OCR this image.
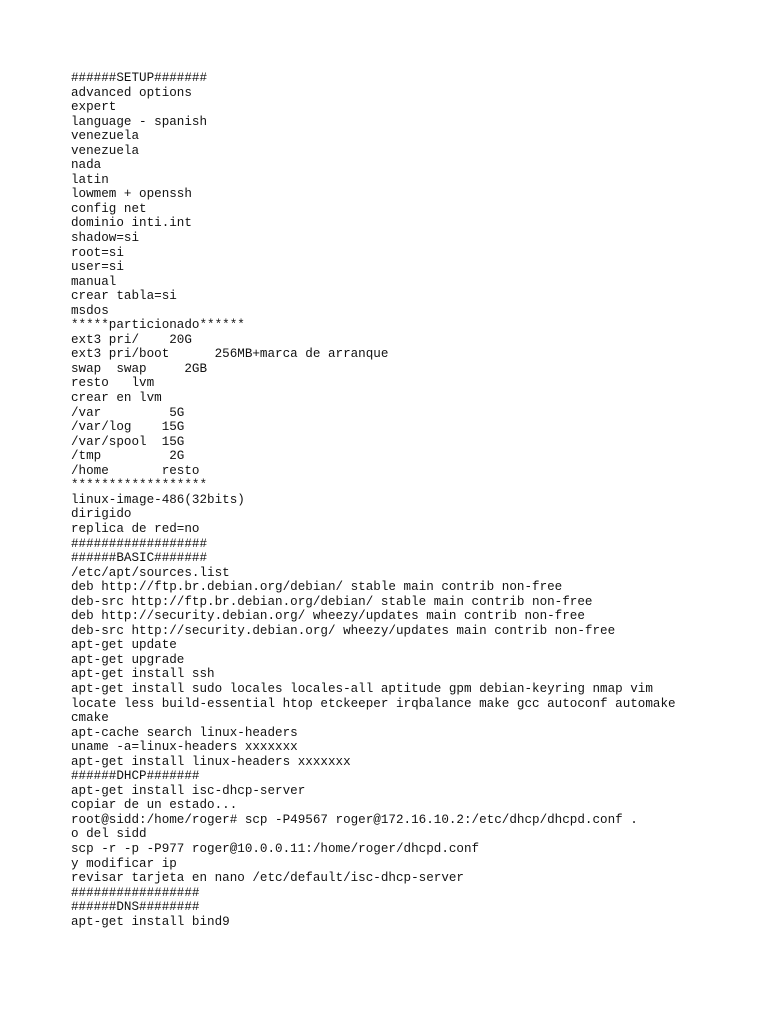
######SETUP#######
advanced options
expert
language - spanish
venezuela
venezuela
nada
latin
lowmem + openssh
config net
dominio inti.int
shadow=si
root=si
user=si
manual
crear tabla=si
msdos
*****particionado******
ext3 pri/    20G
ext3 pri/boot      256MB+marca de arranque
swap  swap     2GB
resto   lvm
crear en lvm
/var         5G
/var/log    15G
/var/spool  15G
/tmp         2G
/home       resto
******************
linux-image-486(32bits)
dirigido
replica de red=no
##################
######BASIC#######
/etc/apt/sources.list
deb http://ftp.br.debian.org/debian/ stable main contrib non-free
deb-src http://ftp.br.debian.org/debian/ stable main contrib non-free
deb http://security.debian.org/ wheezy/updates main contrib non-free
deb-src http://security.debian.org/ wheezy/updates main contrib non-free
apt-get update
apt-get upgrade
apt-get install ssh
apt-get install sudo locales locales-all aptitude gpm debian-keyring nmap vim
locate less build-essential htop etckeeper irqbalance make gcc autoconf automake
cmake
apt-cache search linux-headers
uname -a=linux-headers xxxxxxx
apt-get install linux-headers xxxxxxx
######DHCP#######
apt-get install isc-dhcp-server
copiar de un estado...
root@sidd:/home/roger# scp -P49567 roger@172.16.10.2:/etc/dhcp/dhcpd.conf .
o del sidd
scp -r -p -P977 roger@10.0.0.11:/home/roger/dhcpd.conf
y modificar ip
revisar tarjeta en nano /etc/default/isc-dhcp-server
#################
######DNS########
apt-get install bind9
